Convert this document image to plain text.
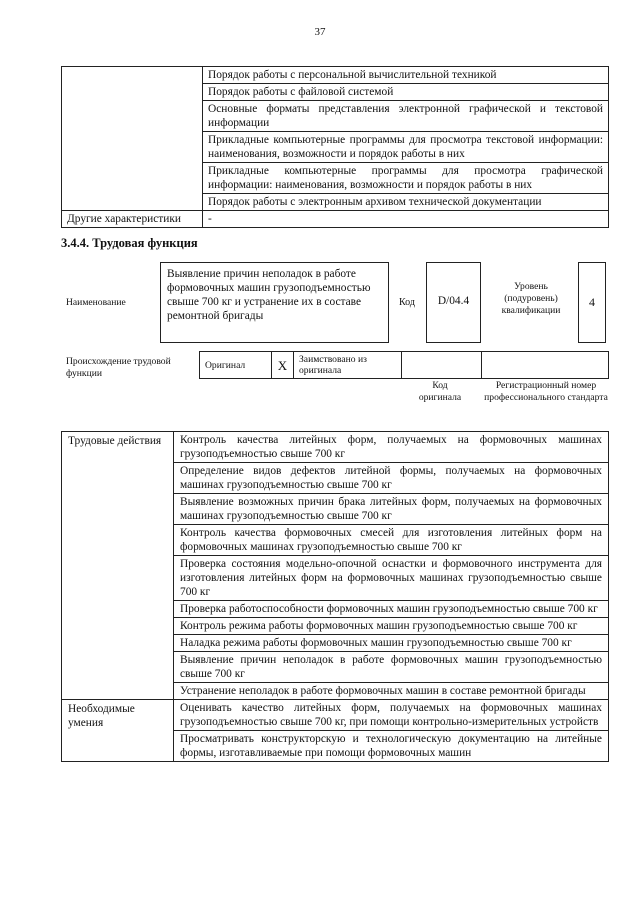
37
	Порядок работы с персональной вычислительной техникой
	Порядок работы с файловой системой
	Основные форматы представления электронной графической и текстовой информации
	Прикладные компьютерные программы для просмотра текстовой информации: наименования, возможности и порядок работы в них
	Прикладные компьютерные программы для просмотра графической информации: наименования, возможности и порядок работы в них
	Порядок работы с электронным архивом технической документации
Другие характеристики	-
3.4.4. Трудовая функция
Наименование
Выявление причин неполадок в работе формовочных машин грузоподъемностью свыше 700 кг и устранение их в составе ремонтной бригады
Код	D/04.4
Уровень (подуровень) квалификации
4
Происхождение трудовой функции
Оригинал	X	Заимствовано из оригинала		
Код оригинала
Регистрационный номер профессионального стандарта
Трудовые действия	Контроль качества литейных форм, получаемых на формовочных машинах грузоподъемностью свыше 700 кг
	Определение видов дефектов литейной формы, получаемых на формовочных машинах грузоподъемностью свыше 700 кг
	Выявление возможных причин брака литейных форм, получаемых на формовочных машинах грузоподъемностью свыше 700 кг
	Контроль качества формовочных смесей для изготовления литейных форм на формовочных машинах грузоподъемностью свыше 700 кг
	Проверка состояния модельно-опочной оснастки и формовочного инструмента для изготовления литейных форм на формовочных машинах грузоподъемностью свыше 700 кг
	Проверка работоспособности формовочных машин грузоподъемностью свыше 700 кг
	Контроль режима работы формовочных машин грузоподъемностью свыше 700 кг
	Наладка режима работы формовочных машин грузоподъемностью свыше 700 кг
	Выявление причин неполадок в работе формовочных машин грузоподъемностью свыше 700 кг
	Устранение неполадок в работе формовочных машин в составе ремонтной бригады
Необходимые умения	Оценивать качество литейных форм, получаемых на формовочных машинах грузоподъемностью свыше 700 кг, при помощи контрольно-измерительных устройств
	Просматривать конструкторскую и технологическую документацию на литейные формы, изготавливаемые при помощи формовочных машин
